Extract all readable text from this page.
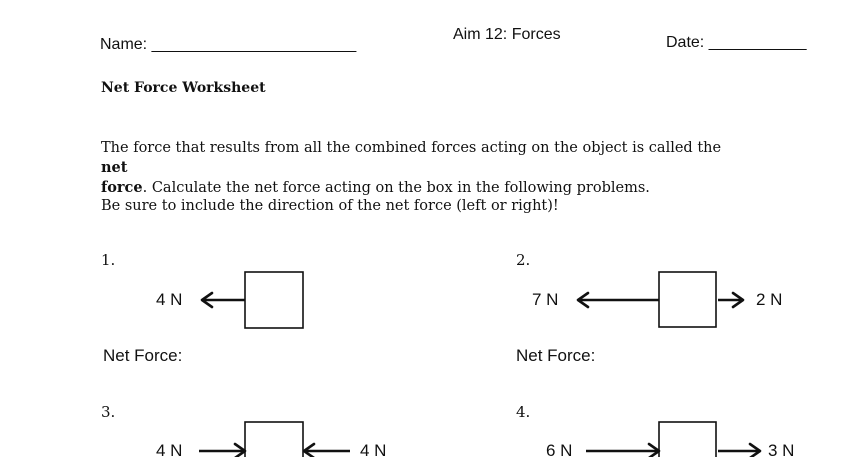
Name: _______________________
Aim 12: Forces	Date: ___________
Net Force Worksheet
The force that results from all the combined forces acting on the object is called the net
force. Calculate the net force acting on the box in the following problems.
Be sure to include the direction of the net force (left or right)!
1.	2.
3.	4.
4 N	7 N	2 N
4 N	4 N	6 N	3 N
Net Force:	Net Force:
